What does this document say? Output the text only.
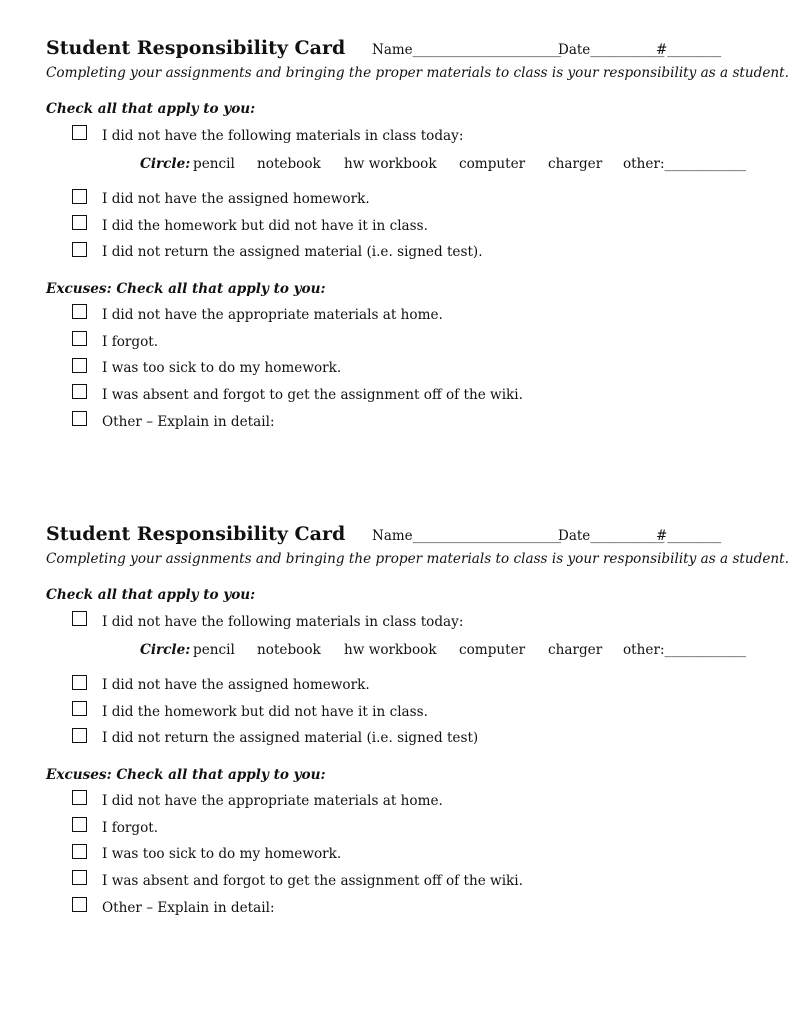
Student Responsibility Card Name______________________
Date___________
#________
Completing your assignments and bringing the proper materials to class is your responsibility as a student.
Check all that apply to you:
I did not have the following materials in class today:
Circle: pencil notebook hw workbook computer charger other:____________
I did not have the assigned homework.
I did the homework but did not have it in class.
I did not return the assigned material (i.e. signed test).
Excuses: Check all that apply to you:
I did not have the appropriate materials at home.
I forgot.
I was too sick to do my homework.
I was absent and forgot to get the assignment off of the wiki.
Other – Explain in detail:
Student Responsibility Card Name______________________
Date___________
#________
Completing your assignments and bringing the proper materials to class is your responsibility as a student.
Check all that apply to you:
I did not have the following materials in class today:
Circle: pencil notebook hw workbook computer charger other:____________
I did not have the assigned homework.
I did the homework but did not have it in class.
I did not return the assigned material (i.e. signed test)
Excuses: Check all that apply to you:
I did not have the appropriate materials at home.
I forgot.
I was too sick to do my homework.
I was absent and forgot to get the assignment off of the wiki.
Other – Explain in detail:
